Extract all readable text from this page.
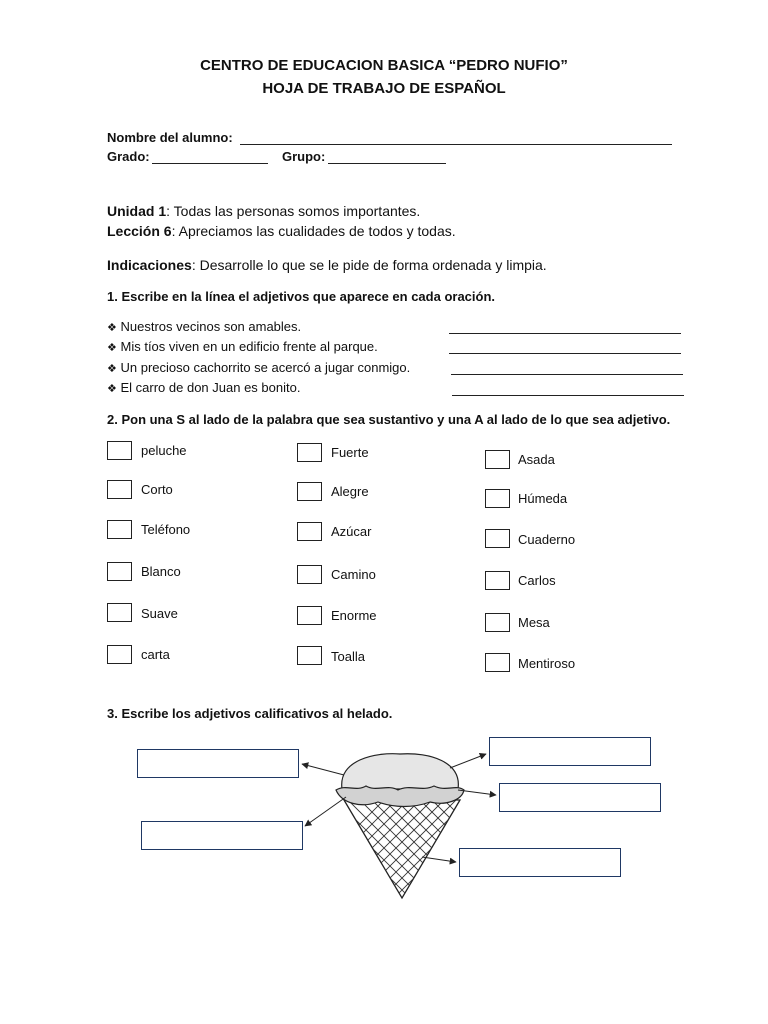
CENTRO DE EDUCACION BASICA “PEDRO NUFIO”
HOJA DE TRABAJO DE ESPAÑOL
Nombre del alumno:
Grado:	Grupo:
Unidad 1: Todas las personas somos importantes.
Lección 6: Apreciamos las cualidades de todos y todas.
Indicaciones: Desarrolle lo que se le pide de forma ordenada y limpia.
1. Escribe en la línea el adjetivos que aparece en cada oración.
❖ Nuestros vecinos son amables.
❖ Mis tíos viven en un edificio frente al parque.
❖ Un precioso cachorrito se acercó a jugar conmigo.
❖ El carro de don Juan es bonito.
2. Pon una S al lado de la palabra que sea sustantivo y una A al lado de lo que sea adjetivo.
peluche
Corto
Teléfono
Blanco
Suave
carta
Fuerte
Alegre
Azúcar
Camino
Enorme
Toalla
Asada
Húmeda
Cuaderno
Carlos
Mesa
Mentiroso
3. Escribe los adjetivos calificativos al helado.
